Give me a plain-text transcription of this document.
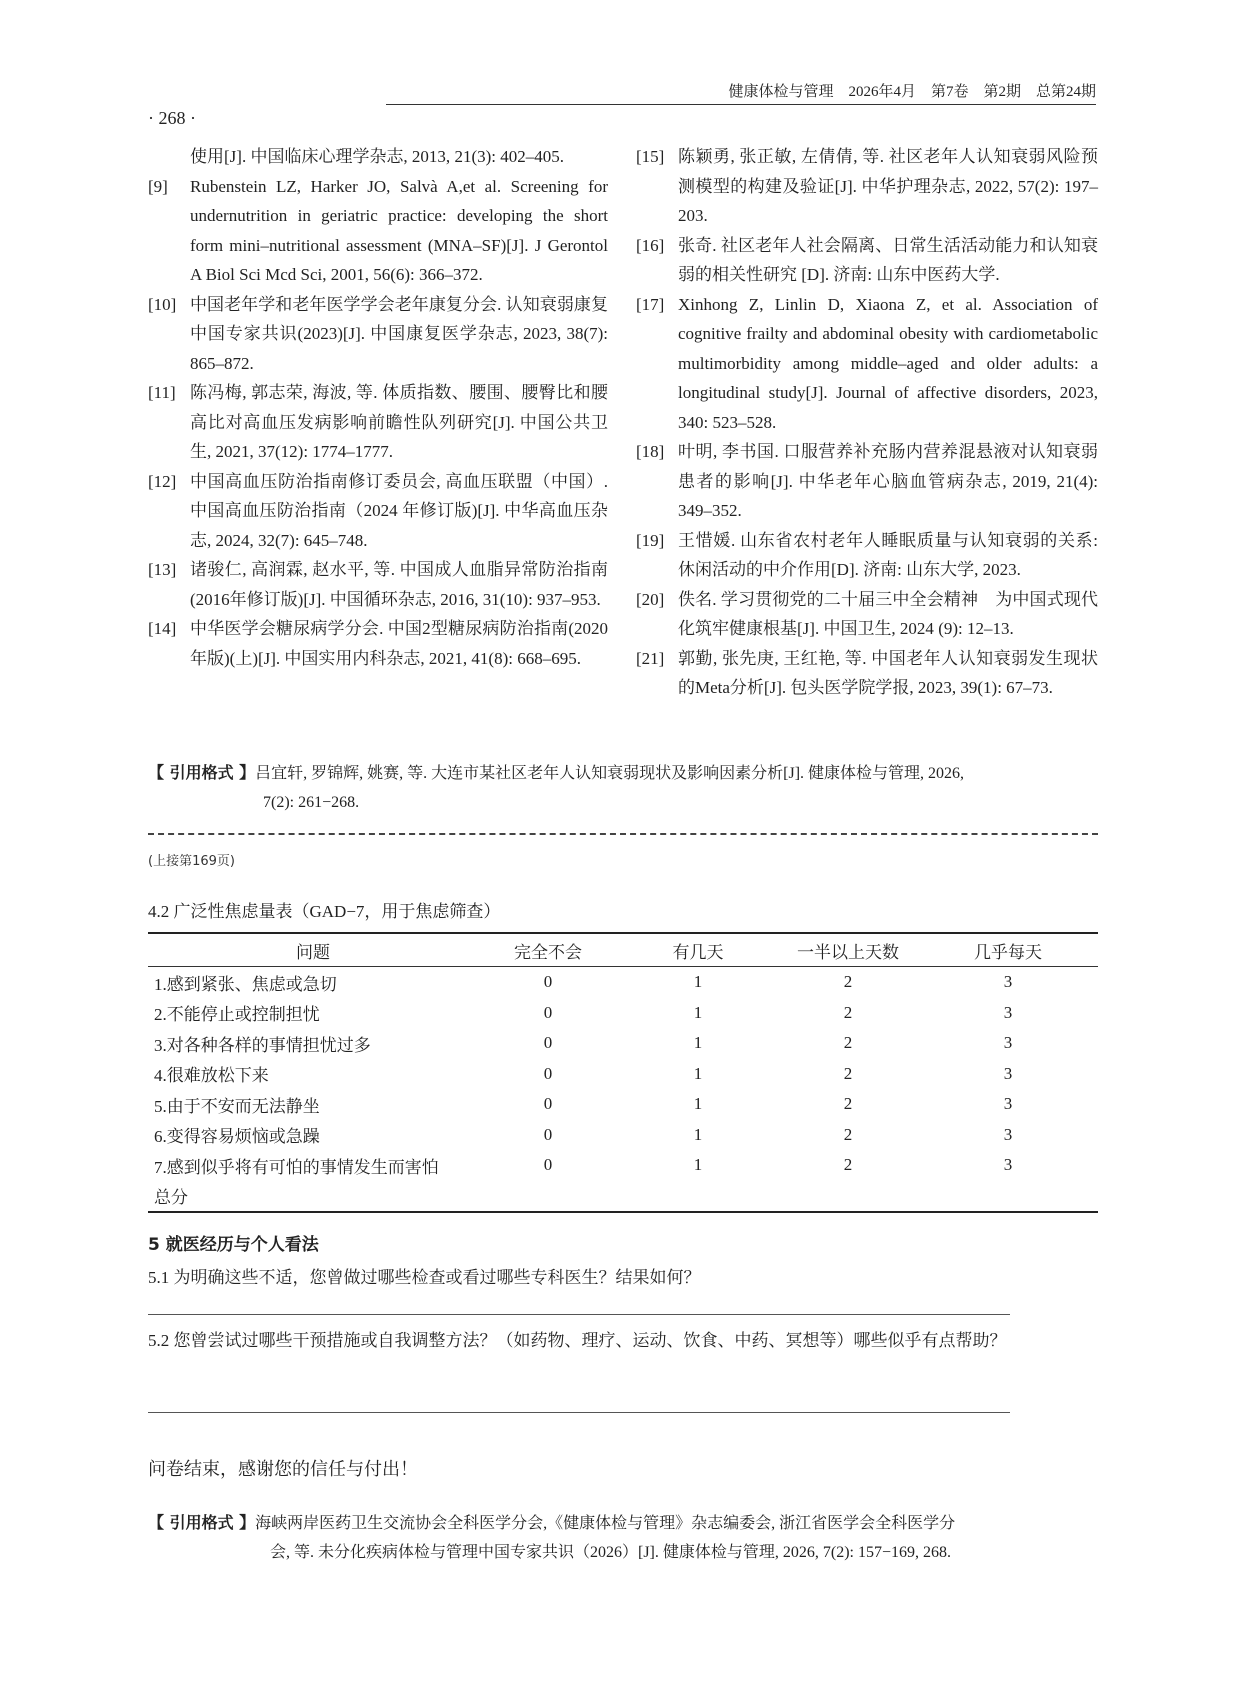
健康体检与管理　2026年4月　第7卷　第2期　总第24期
· 268 ·
使用[J]. 中国临床心理学杂志, 2013, 21(3): 402–405.
[9]	Rubenstein LZ, Harker JO, Salvà A,et al. Screening for undernutrition in geriatric practice: developing the short form mini–nutritional assessment (MNA–SF)[J]. J Gerontol A Biol Sci Mcd Sci, 2001, 56(6): 366–372.
[10] 中国老年学和老年医学学会老年康复分会. 认知衰弱康复中国专家共识(2023)[J]. 中国康复医学杂志, 2023, 38(7): 865–872.
[11] 陈冯梅, 郭志荣, 海波, 等. 体质指数、腰围、腰臀比和腰高比对高血压发病影响前瞻性队列研究[J]. 中国公共卫生, 2021, 37(12): 1774–1777.
[12] 中国高血压防治指南修订委员会, 高血压联盟（中国）. 中国高血压防治指南（2024 年修订版)[J]. 中华高血压杂志, 2024, 32(7): 645–748.
[13] 诸骏仁, 高润霖, 赵水平, 等. 中国成人血脂异常防治指南(2016年修订版)[J]. 中国循环杂志, 2016, 31(10): 937–953.
[14] 中华医学会糖尿病学分会. 中国2型糖尿病防治指南(2020年版)(上)[J]. 中国实用内科杂志, 2021, 41(8): 668–695.
[15] 陈颖勇, 张正敏, 左倩倩, 等. 社区老年人认知衰弱风险预测模型的构建及验证[J]. 中华护理杂志, 2022, 57(2): 197–203.
[16] 张奇. 社区老年人社会隔离、日常生活活动能力和认知衰弱的相关性研究 [D]. 济南: 山东中医药大学.
[17] Xinhong Z, Linlin D, Xiaona Z, et al. Association of cognitive frailty and abdominal obesity with cardiometabolic multimorbidity among middle–aged and older adults: a longitudinal study[J]. Journal of affective disorders, 2023, 340: 523–528.
[18] 叶明, 李书国. 口服营养补充肠内营养混悬液对认知衰弱患者的影响[J]. 中华老年心脑血管病杂志, 2019, 21(4): 349–352.
[19] 王惜媛. 山东省农村老年人睡眠质量与认知衰弱的关系: 休闲活动的中介作用[D]. 济南: 山东大学, 2023.
[20] 佚名. 学习贯彻党的二十届三中全会精神　为中国式现代化筑牢健康根基[J]. 中国卫生, 2024 (9): 12–13.
[21] 郭勤, 张先庚, 王红艳, 等. 中国老年人认知衰弱发生现状的Meta分析[J]. 包头医学院学报, 2023, 39(1): 67–73.
【 引用格式 】吕宜轩, 罗锦辉, 姚赛, 等. 大连市某社区老年人认知衰弱现状及影响因素分析[J]. 健康体检与管理, 2026,
7(2): 261−268.
(上接第169页)
4.2 广泛性焦虑量表（GAD−7，用于焦虑筛查）
问题	完全不会	有几天	一半以上天数	几乎每天
1.感到紧张、焦虑或急切	0	1	2	3
2.不能停止或控制担忧	0	1	2	3
3.对各种各样的事情担忧过多	0	1	2	3
4.很难放松下来	0	1	2	3
5.由于不安而无法静坐	0	1	2	3
6.变得容易烦恼或急躁	0	1	2	3
7.感到似乎将有可怕的事情发生而害怕	0	1	2	3
总分				
5 就医经历与个人看法
5.1 为明确这些不适，您曾做过哪些检查或看过哪些专科医生？结果如何？
5.2 您曾尝试过哪些干预措施或自我调整方法？（如药物、理疗、运动、饮食、中药、冥想等）哪些似乎有点帮助？
问卷结束，感谢您的信任与付出！
【 引用格式 】海峡两岸医药卫生交流协会全科医学分会,《健康体检与管理》杂志编委会, 浙江省医学会全科医学分
会, 等. 未分化疾病体检与管理中国专家共识（2026）[J]. 健康体检与管理, 2026, 7(2): 157−169, 268.
